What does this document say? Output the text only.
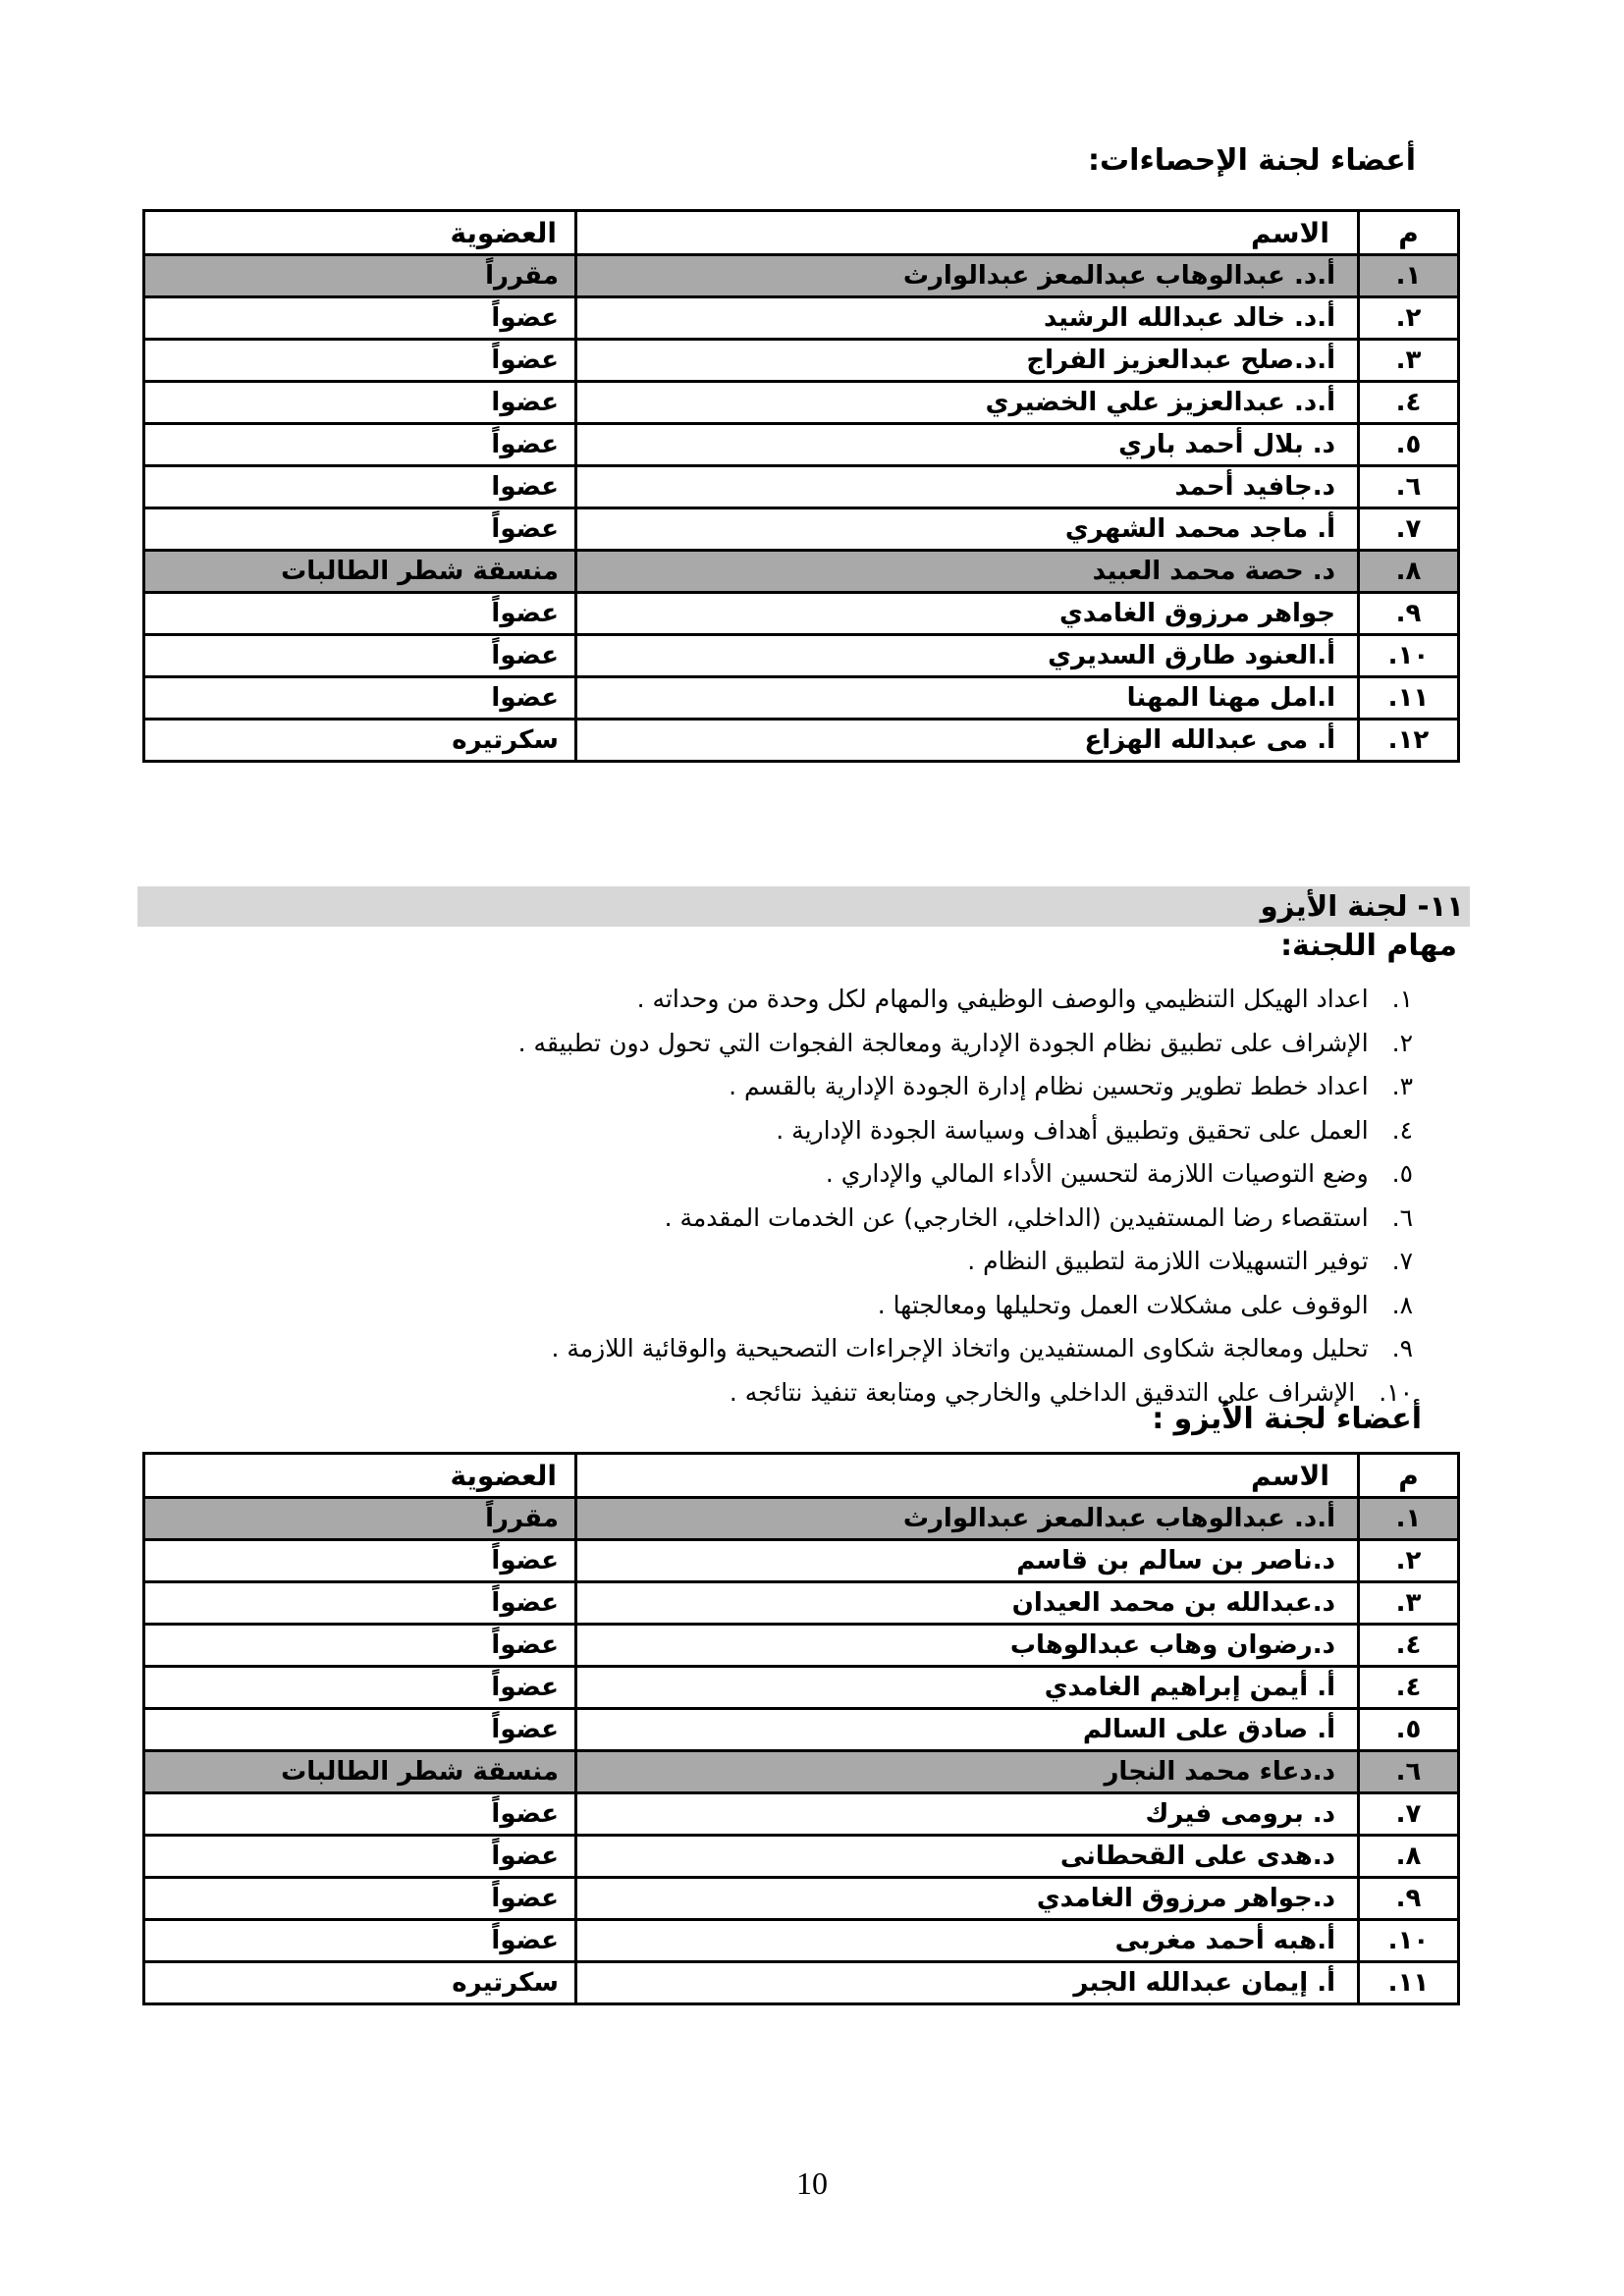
أعضاء لجنة الإحصاءات:
م	الاسم	العضوية
١.	أ.د. عبدالوهاب عبدالمعز عبدالوارث	مقرراً
٢.	أ.د. خالد عبدالله الرشيد	عضواً
٣.	أ.د.صلح عبدالعزيز الفراج	عضواً
٤.	أ.د. عبدالعزيز علي الخضيري	عضوا
٥.	د. بلال أحمد باري	عضواً
٦.	د.جافيد أحمد	عضوا
٧.	أ. ماجد محمد الشهري	عضواً
٨.	د. حصة محمد العبيد	منسقة شطر الطالبات
٩.	جواهر مرزوق الغامدي	عضواً
١٠.	أ.العنود طارق السديري	عضواً
١١.	ا.امل مهنا المهنا	عضوا
١٢.	أ. مى عبدالله الهزاع	سكرتيره
١١- لجنة الأيزو
مهام اللجنة:
١. اعداد الهيكل التنظيمي والوصف الوظيفي والمهام لكل وحدة من وحداته .
٢. الإشراف على تطبيق نظام الجودة الإدارية ومعالجة الفجوات التي تحول دون تطبيقه .
٣. اعداد خطط تطوير وتحسين نظام إدارة الجودة الإدارية بالقسم .
٤. العمل على تحقيق وتطبيق أهداف وسياسة الجودة الإدارية .
٥. وضع التوصيات اللازمة لتحسين الأداء المالي والإداري .
٦. استقصاء رضا المستفيدين (الداخلي، الخارجي) عن الخدمات المقدمة .
٧. توفير التسهيلات اللازمة لتطبيق النظام .
٨. الوقوف على مشكلات العمل وتحليلها ومعالجتها .
٩. تحليل ومعالجة شكاوى المستفيدين واتخاذ الإجراءات التصحيحية والوقائية اللازمة .
١٠. الإشراف على التدقيق الداخلي والخارجي ومتابعة تنفيذ نتائجه .
أعضاء لجنة الأيزو :
م	الاسم	العضوية
١.	أ.د. عبدالوهاب عبدالمعز عبدالوارث	مقرراً
٢.	د.ناصر بن سالم بن قاسم	عضواً
٣.	د.عبدالله بن محمد العيدان	عضواً
٤.	د.رضوان وهاب عبدالوهاب	عضواً
٤.	أ. أيمن إبراهيم الغامدي	عضواً
٥.	أ. صادق على السالم	عضواً
٦.	د.دعاء محمد النجار	منسقة شطر الطالبات
٧.	د. برومى فيرك	عضواً
٨.	د.هدى على القحطانى	عضواً
٩.	د.جواهر مرزوق الغامدي	عضواً
١٠.	أ.هبه أحمد مغربى	عضواً
١١.	أ. إيمان عبدالله الجبر	سكرتيره
10
